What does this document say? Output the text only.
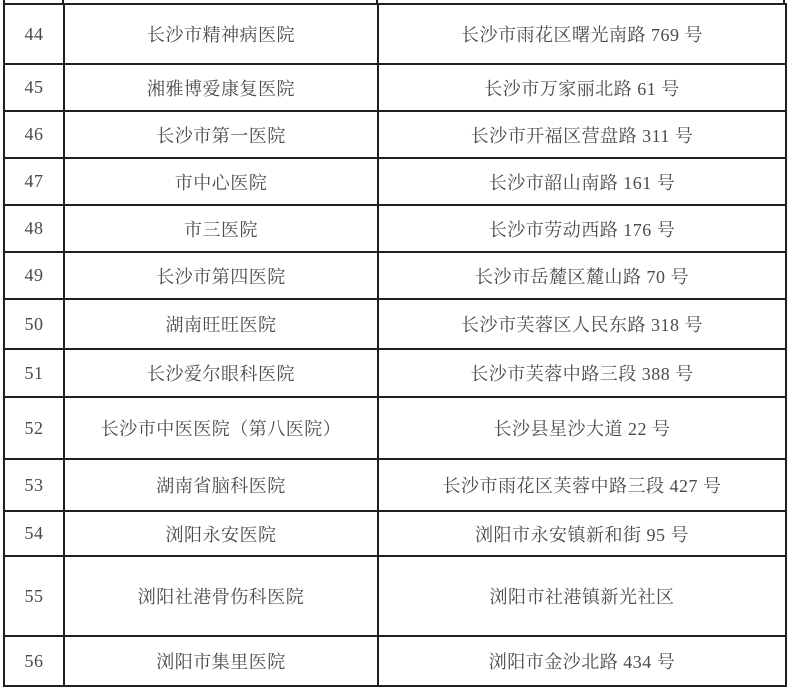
44	长沙市精神病医院	长沙市雨花区曙光南路 769 号
45	湘雅博爱康复医院	长沙市万家丽北路 61 号
46	长沙市第一医院	长沙市开福区营盘路 311 号
47	市中心医院	长沙市韶山南路 161 号
48	市三医院	长沙市劳动西路 176 号
49	长沙市第四医院	长沙市岳麓区麓山路 70 号
50	湖南旺旺医院	长沙市芙蓉区人民东路 318 号
51	长沙爱尔眼科医院	长沙市芙蓉中路三段 388 号
52	长沙市中医医院（第八医院）	长沙县星沙大道 22 号
53	湖南省脑科医院	长沙市雨花区芙蓉中路三段 427 号
54	浏阳永安医院	浏阳市永安镇新和街 95 号
55	浏阳社港骨伤科医院	浏阳市社港镇新光社区
56	浏阳市集里医院	浏阳市金沙北路 434 号
